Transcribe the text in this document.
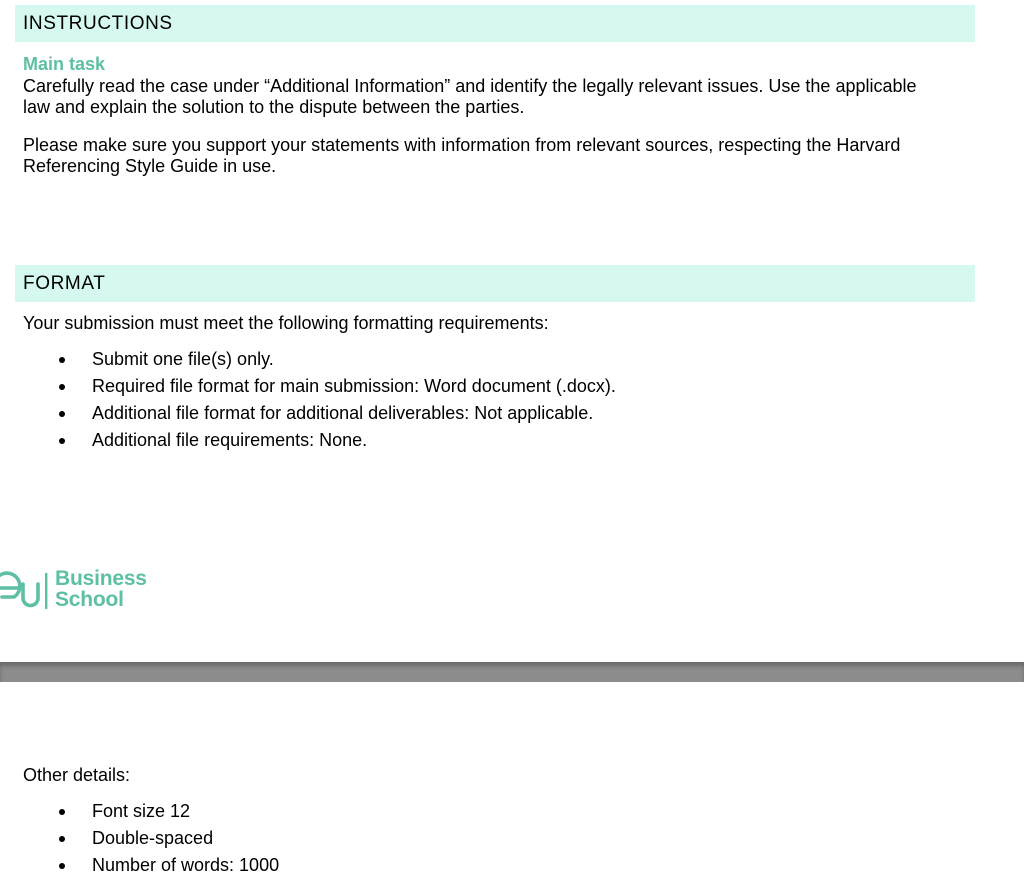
INSTRUCTIONS
Main task
Carefully read the case under “Additional Information” and identify the legally relevant issues. Use the applicable law and explain the solution to the dispute between the parties.
Please make sure you support your statements with information from relevant sources, respecting the Harvard Referencing Style Guide in use.
FORMAT
Your submission must meet the following formatting requirements:
Submit one file(s) only.
Required file format for main submission: Word document (.docx).
Additional file format for additional deliverables: Not applicable.
Additional file requirements: None.
Business
School
Other details:
Font size 12
Double-spaced
Number of words: 1000
